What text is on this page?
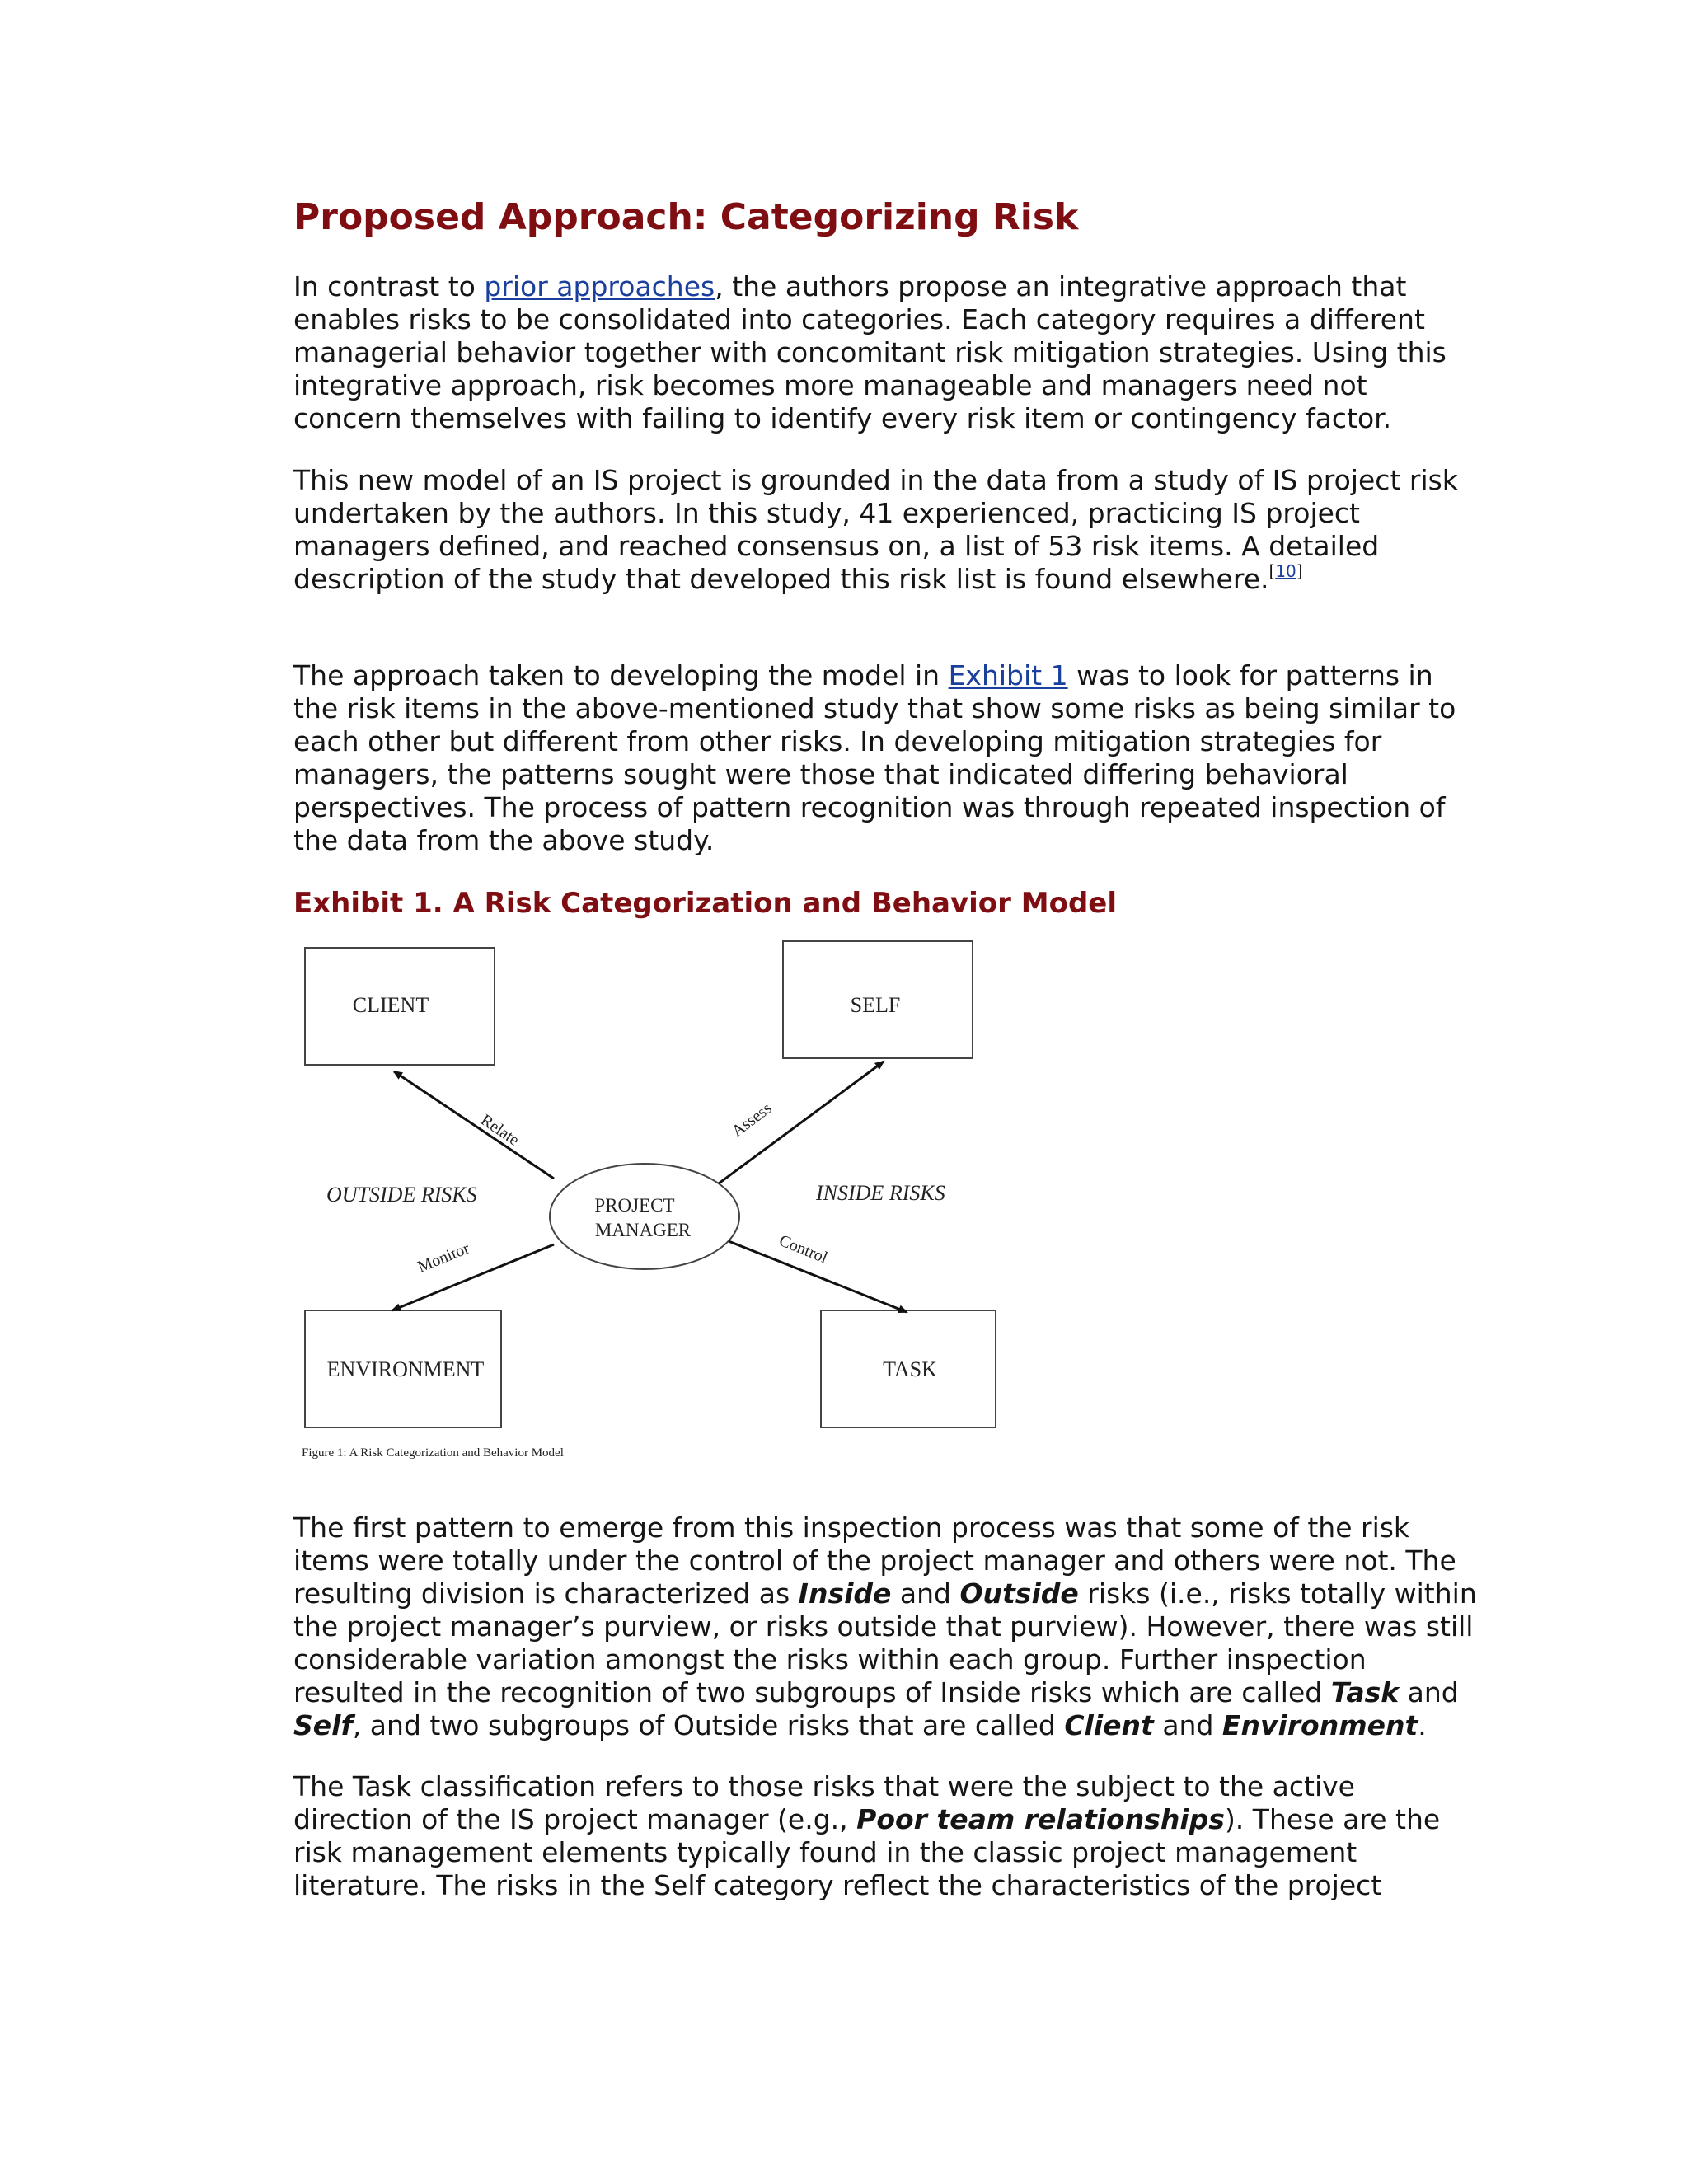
Proposed Approach: Categorizing Risk

In contrast to prior approaches, the authors propose an integrative approach that enables risks to be consolidated into categories. Each category requires a different managerial behavior together with concomitant risk mitigation strategies. Using this integrative approach, risk becomes more manageable and managers need not concern themselves with failing to identify every risk item or contingency factor.

This new model of an IS project is grounded in the data from a study of IS project risk undertaken by the authors. In this study, 41 experienced, practicing IS project managers defined, and reached consensus on, a list of 53 risk items. A detailed description of the study that developed this risk list is found elsewhere.[10]

The approach taken to developing the model in Exhibit 1 was to look for patterns in the risk items in the above-mentioned study that show some risks as being similar to each other but different from other risks. In developing mitigation strategies for managers, the patterns sought were those that indicated differing behavioral perspectives. The process of pattern recognition was through repeated inspection of the data from the above study.

Exhibit 1. A Risk Categorization and Behavior Model

CLIENT	SELF
ENVIRONMENT	TASK
PROJECT
MANAGER
OUTSIDE RISKS	INSIDE RISKS
Relate	Assess
Monitor	Control
Figure 1: A Risk Categorization and Behavior Model

The first pattern to emerge from this inspection process was that some of the risk items were totally under the control of the project manager and others were not. The resulting division is characterized as Inside and Outside risks (i.e., risks totally within the project manager’s purview, or risks outside that purview). However, there was still considerable variation amongst the risks within each group. Further inspection resulted in the recognition of two subgroups of Inside risks which are called Task and Self, and two subgroups of Outside risks that are called Client and Environment.

The Task classification refers to those risks that were the subject to the active direction of the IS project manager (e.g., Poor team relationships). These are the risk management elements typically found in the classic project management literature. The risks in the Self category reflect the characteristics of the project
